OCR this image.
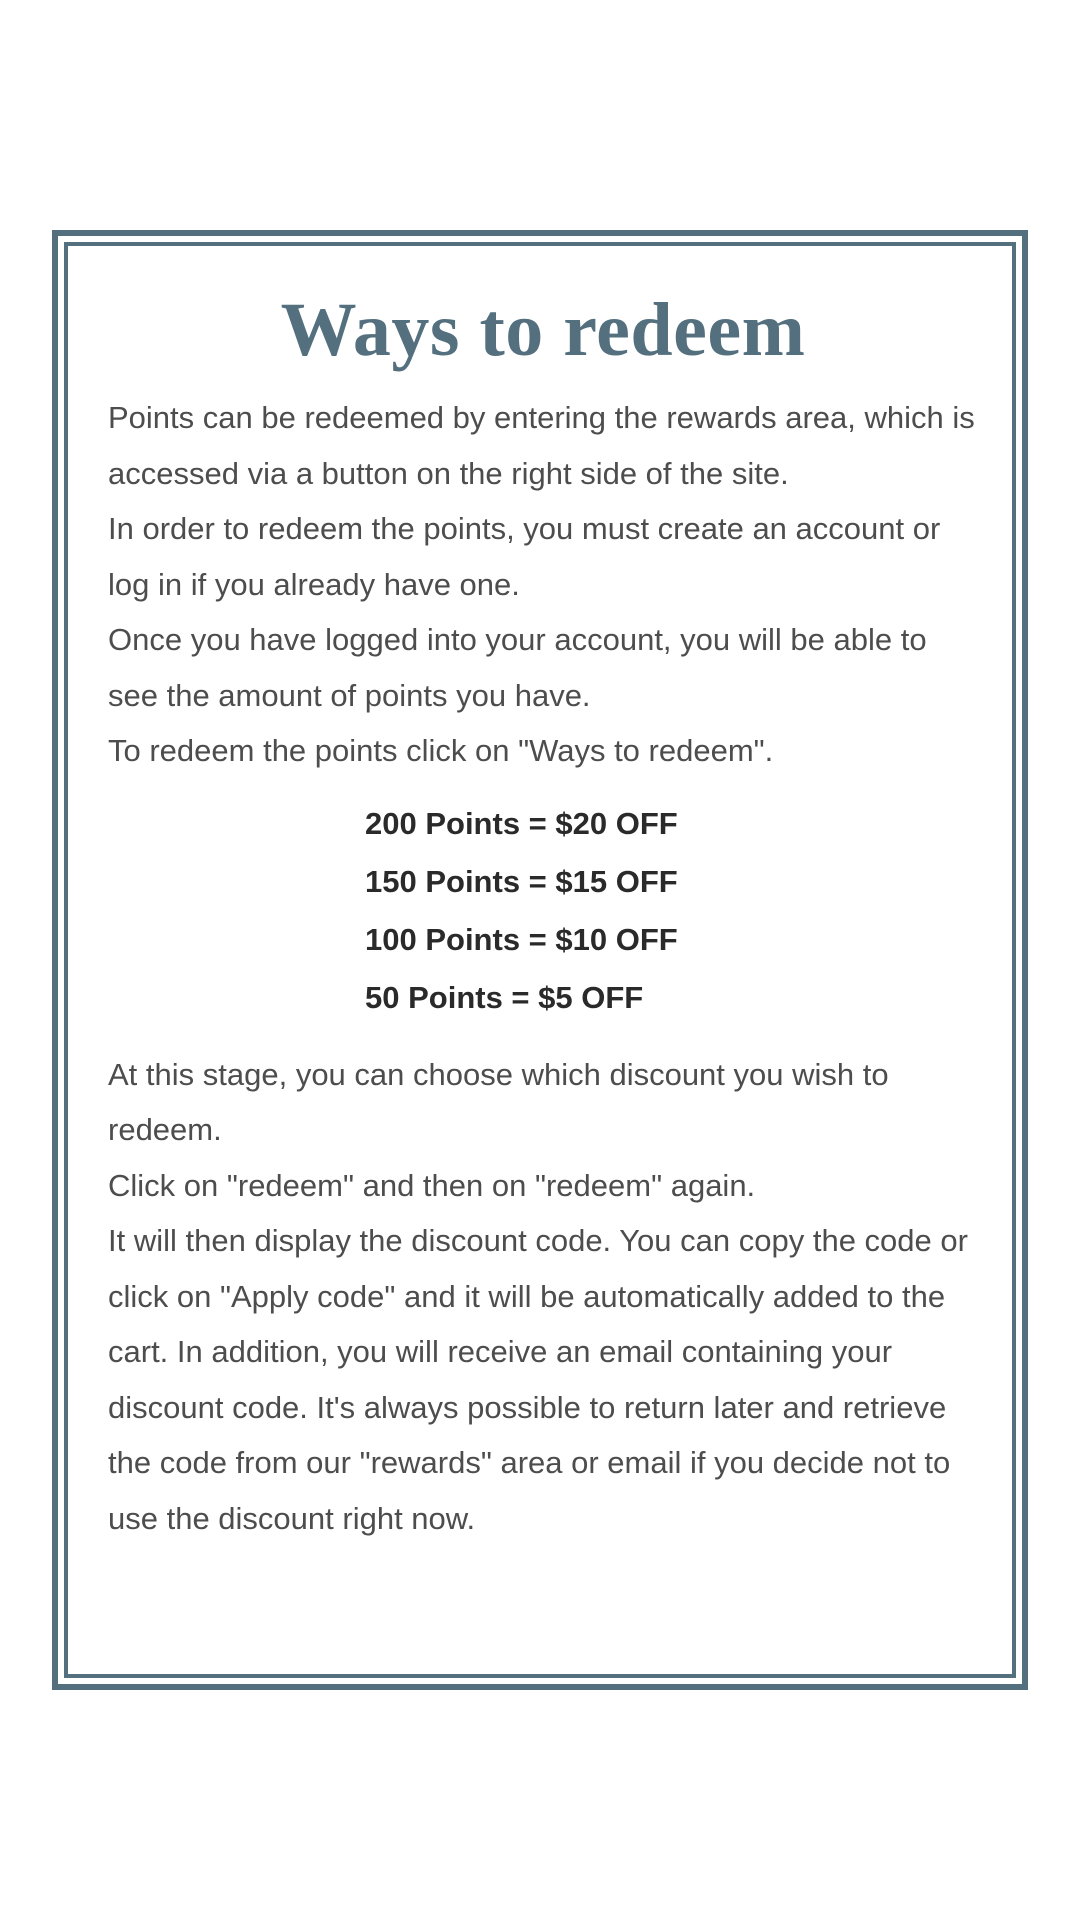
Ways to redeem

Points can be redeemed by entering the rewards area, which is accessed via a button on the right side of the site.

In order to redeem the points, you must create an account or log in if you already have one.

Once you have logged into your account, you will be able to see the amount of points you have.

To redeem the points click on "Ways to redeem".

200 Points = $20 OFF
150 Points = $15 OFF
100 Points = $10 OFF
50 Points = $5 OFF

At this stage, you can choose which discount you wish to redeem.

Click on "redeem" and then on "redeem" again.

It will then display the discount code. You can copy the code or click on "Apply code" and it will be automatically added to the cart. In addition, you will receive an email containing your discount code. It's always possible to return later and retrieve the code from our "rewards" area or email if you decide not to use the discount right now.
